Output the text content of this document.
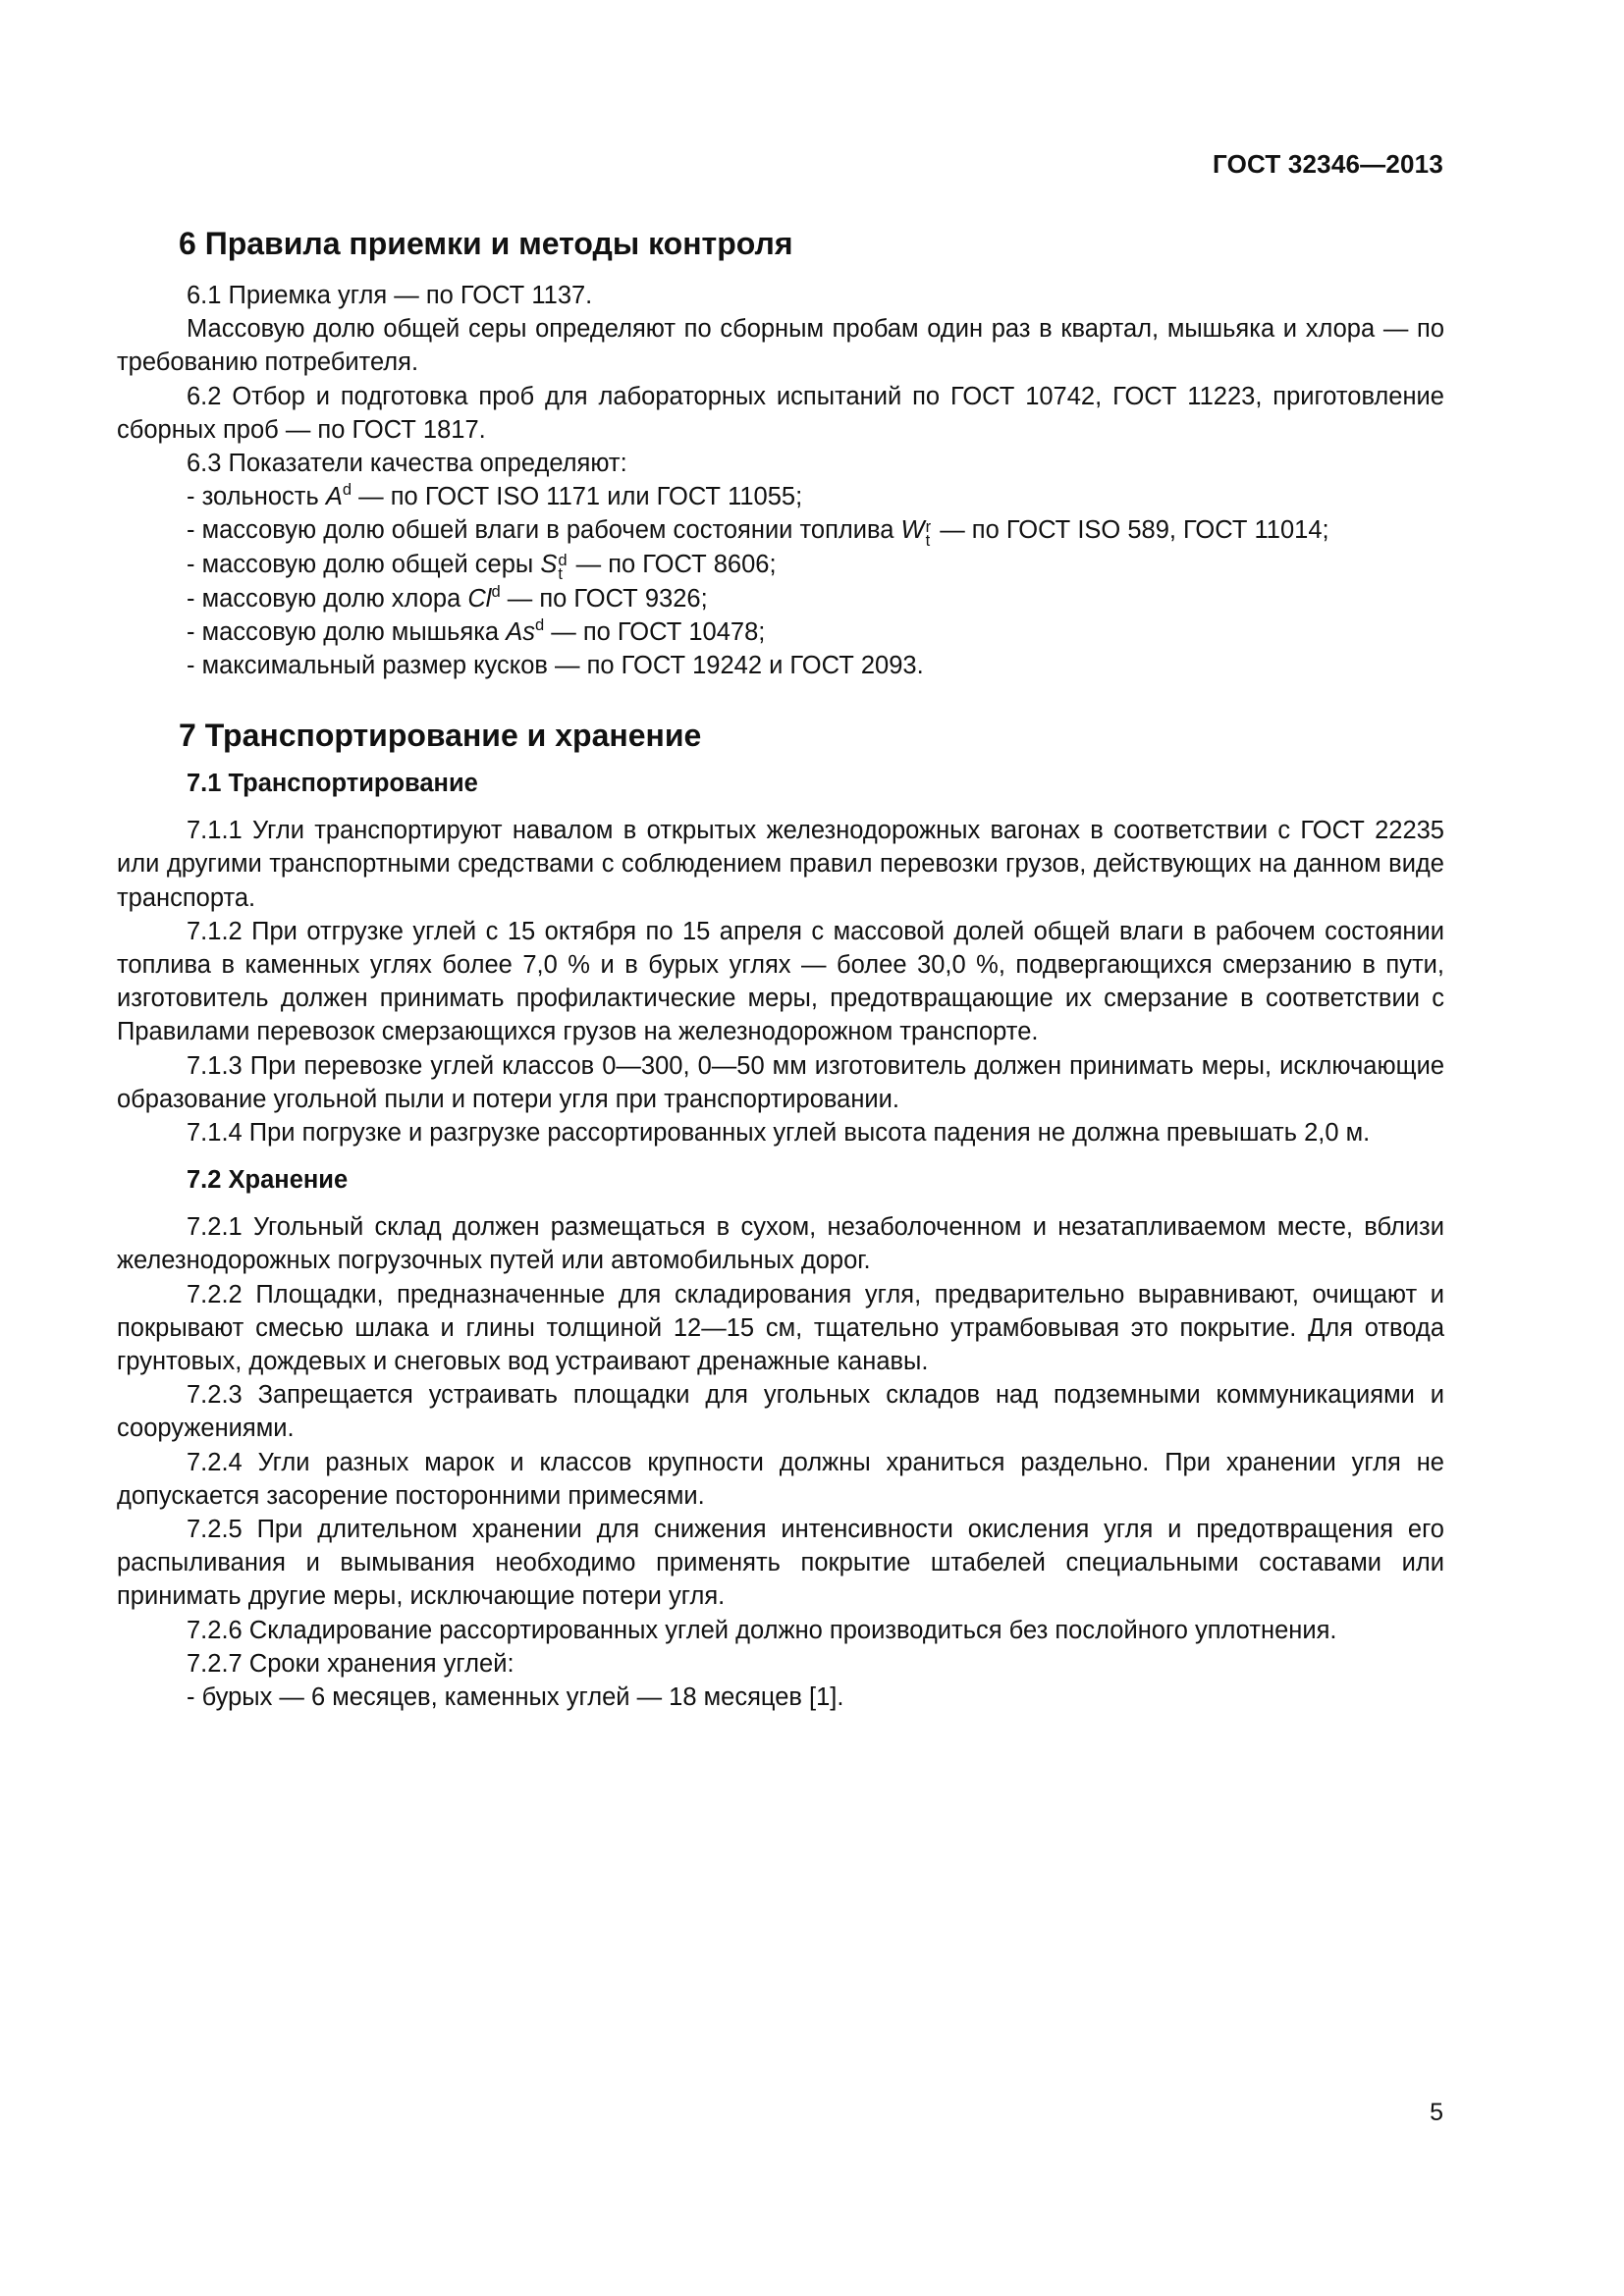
ГОСТ 32346—2013
6 Правила приемки и методы контроля

6.1 Приемка угля — по ГОСТ 1137.

Массовую долю общей серы определяют по сборным пробам один раз в квартал, мышьяка и хлора — по требованию потребителя.

6.2 Отбор и подготовка проб для лабораторных испытаний по ГОСТ 10742, ГОСТ 11223, приготовление сборных проб — по ГОСТ 1817.

6.3 Показатели качества определяют:

- зольность $A^d$ — по ГОСТ ISO 1171 или ГОСТ 11055;
- массовую долю обшей влаги в рабочем состоянии топлива W r
t — по ГОСТ ISO 589, ГОСТ 11014;
- массовую долю общей серы S d
t — по ГОСТ 8606;
- массовую долю хлора Cl$^d$ — по ГОСТ 9326;
- массовую долю мышьяка As$^d$ — по ГОСТ 10478;
- максимальный размер кусков — по ГОСТ 19242 и ГОСТ 2093.
7 Транспортирование и хранение
7.1 Транспортирование

7.1.1 Угли транспортируют навалом в открытых железнодорожных вагонах в соответствии с ГОСТ 22235 или другими транспортными средствами с соблюдением правил перевозки грузов, действующих на данном виде транспорта.

7.1.2 При отгрузке углей с 15 октября по 15 апреля с массовой долей общей влаги в рабочем состоянии топлива в каменных углях более 7,0 % и в бурых углях — более 30,0 %, подвергающихся смерзанию в пути, изготовитель должен принимать профилактические меры, предотвращающие их смерзание в соответствии с Правилами перевозок смерзающихся грузов на железнодорожном транспорте.

7.1.3 При перевозке углей классов 0—300, 0—50 мм изготовитель должен принимать меры, исключающие образование угольной пыли и потери угля при транспортировании.

7.1.4 При погрузке и разгрузке рассортированных углей высота падения не должна превышать 2,0 м.

7.2 Хранение

7.2.1 Угольный склад должен размещаться в сухом, незаболоченном и незатапливаемом месте, вблизи железнодорожных погрузочных путей или автомобильных дорог.

7.2.2 Площадки, предназначенные для складирования угля, предварительно выравнивают, очищают и покрывают смесью шлака и глины толщиной 12—15 см, тщательно утрамбовывая это покрытие. Для отвода грунтовых, дождевых и снеговых вод устраивают дренажные канавы.

7.2.3 Запрещается устраивать площадки для угольных складов над подземными коммуникациями и сооружениями.

7.2.4 Угли разных марок и классов крупности должны храниться раздельно. При хранении угля не допускается засорение посторонними примесями.

7.2.5 При длительном хранении для снижения интенсивности окисления угля и предотвращения его распыливания и вымывания необходимо применять покрытие штабелей специальными составами или принимать другие меры, исключающие потери угля.

7.2.6 Складирование рассортированных углей должно производиться без послойного уплотнения.

7.2.7 Сроки хранения углей:

- бурых — 6 месяцев, каменных углей — 18 месяцев [1].
5
